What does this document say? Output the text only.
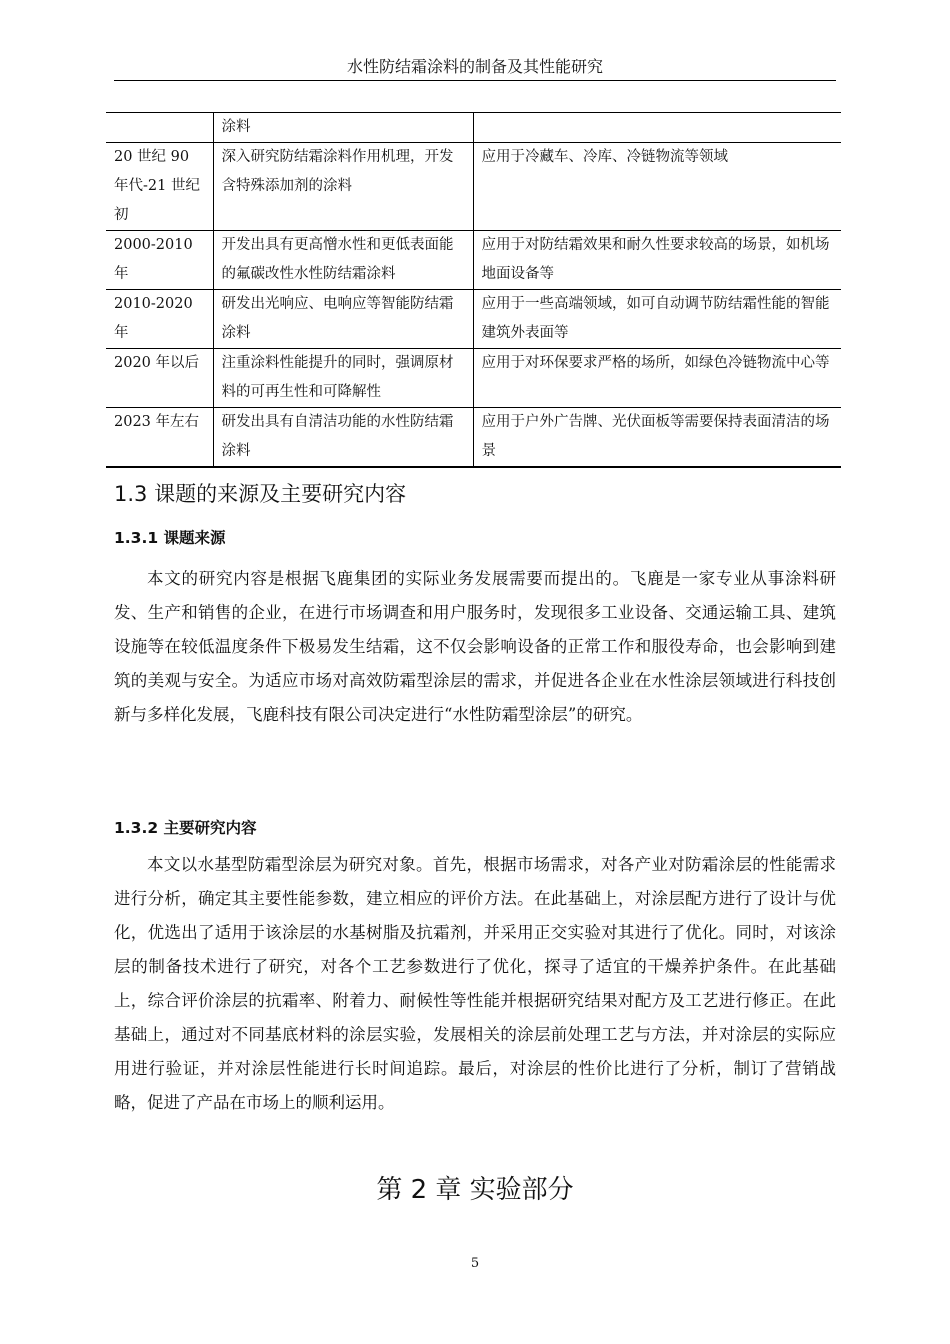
水性防结霜涂料的制备及其性能研究
	涂料	
20 世纪 90 年代-21 世纪初	深入研究防结霜涂料作用机理，开发含特殊添加剂的涂料	应用于冷藏车、冷库、冷链物流等领域
2000-2010 年	开发出具有更高憎水性和更低表面能的氟碳改性水性防结霜涂料	应用于对防结霜效果和耐久性要求较高的场景，如机场地面设备等
2010-2020 年	研发出光响应、电响应等智能防结霜涂料	应用于一些高端领域，如可自动调节防结霜性能的智能建筑外表面等
2020 年以后	注重涂料性能提升的同时，强调原材料的可再生性和可降解性	应用于对环保要求严格的场所，如绿色冷链物流中心等
2023 年左右	研发出具有自清洁功能的水性防结霜涂料	应用于户外广告牌、光伏面板等需要保持表面清洁的场景
1.3 课题的来源及主要研究内容
1.3.1 课题来源

本文的研究内容是根据飞鹿集团的实际业务发展需要而提出的。飞鹿是一家专业从事涂料研发、生产和销售的企业，在进行市场调查和用户服务时，发现很多工业设备、交通运输工具、建筑设施等在较低温度条件下极易发生结霜，这不仅会影响设备的正常工作和服役寿命，也会影响到建筑的美观与安全。为适应市场对高效防霜型涂层的需求，并促进各企业在水性涂层领域进行科技创新与多样化发展，飞鹿科技有限公司决定进行“水性防霜型涂层”的研究。

1.3.2 主要研究内容

本文以水基型防霜型涂层为研究对象。首先，根据市场需求，对各产业对防霜涂层的性能需求进行分析，确定其主要性能参数，建立相应的评价方法。在此基础上，对涂层配方进行了设计与优化，优选出了适用于该涂层的水基树脂及抗霜剂，并采用正交实验对其进行了优化。同时，对该涂层的制备技术进行了研究，对各个工艺参数进行了优化，探寻了适宜的干燥养护条件。在此基础上，综合评价涂层的抗霜率、附着力、耐候性等性能并根据研究结果对配方及工艺进行修正。在此基础上，通过对不同基底材料的涂层实验，发展相关的涂层前处理工艺与方法，并对涂层的实际应用进行验证，并对涂层性能进行长时间追踪。最后，对涂层的性价比进行了分析，制订了营销战略，促进了产品在市场上的顺利运用。

第 2 章 实验部分
5
